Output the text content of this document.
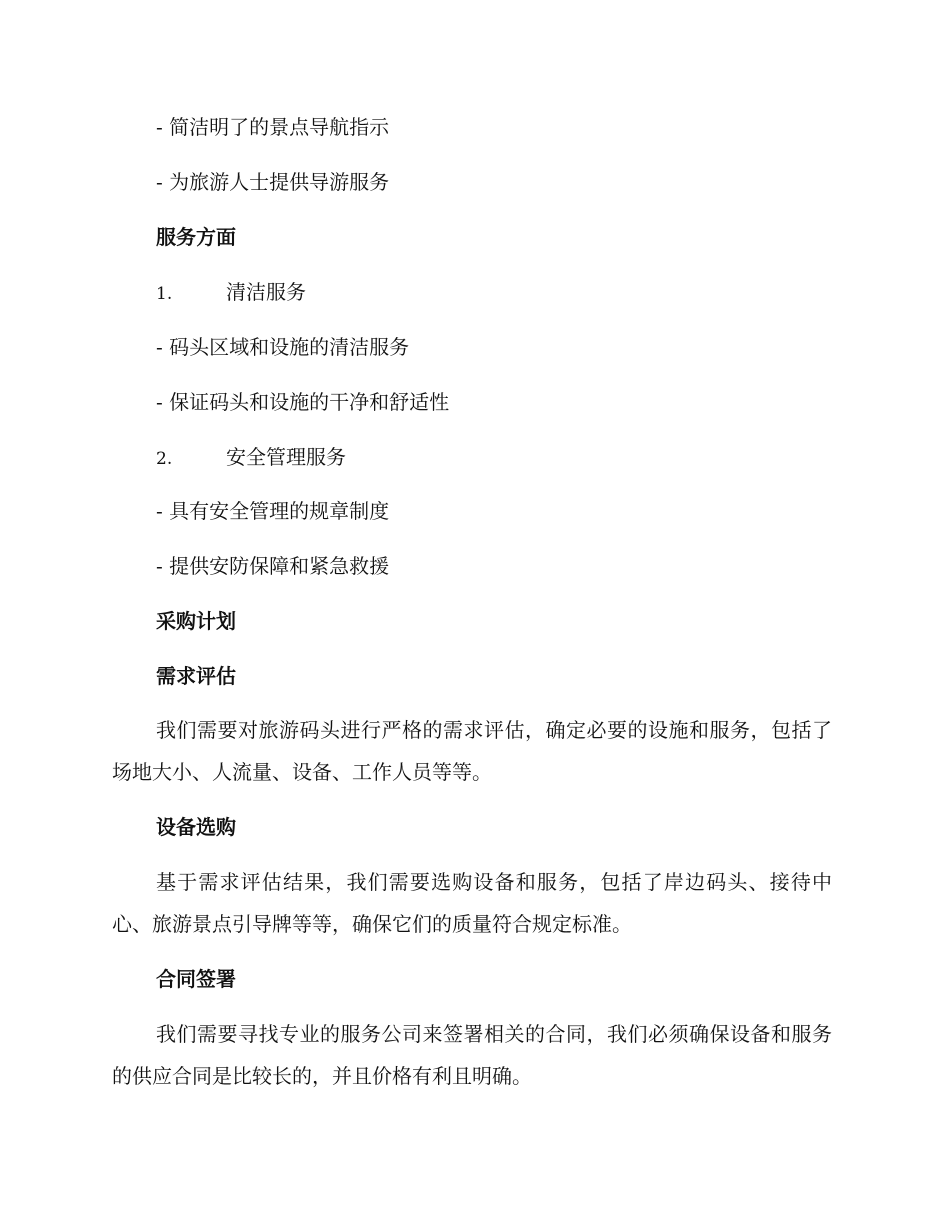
- 简洁明了的景点导航指示
- 为旅游人士提供导游服务
服务方面
1.	清洁服务
- 码头区域和设施的清洁服务
- 保证码头和设施的干净和舒适性
2.	安全管理服务
- 具有安全管理的规章制度
- 提供安防保障和紧急救援
采购计划
需求评估
我们需要对旅游码头进行严格的需求评估，确定必要的设施和服务，包括了场地大小、人流量、设备、工作人员等等。
设备选购
基于需求评估结果，我们需要选购设备和服务，包括了岸边码头、接待中心、旅游景点引导牌等等，确保它们的质量符合规定标准。
合同签署
我们需要寻找专业的服务公司来签署相关的合同，我们必须确保设备和服务的供应合同是比较长的，并且价格有利且明确。
